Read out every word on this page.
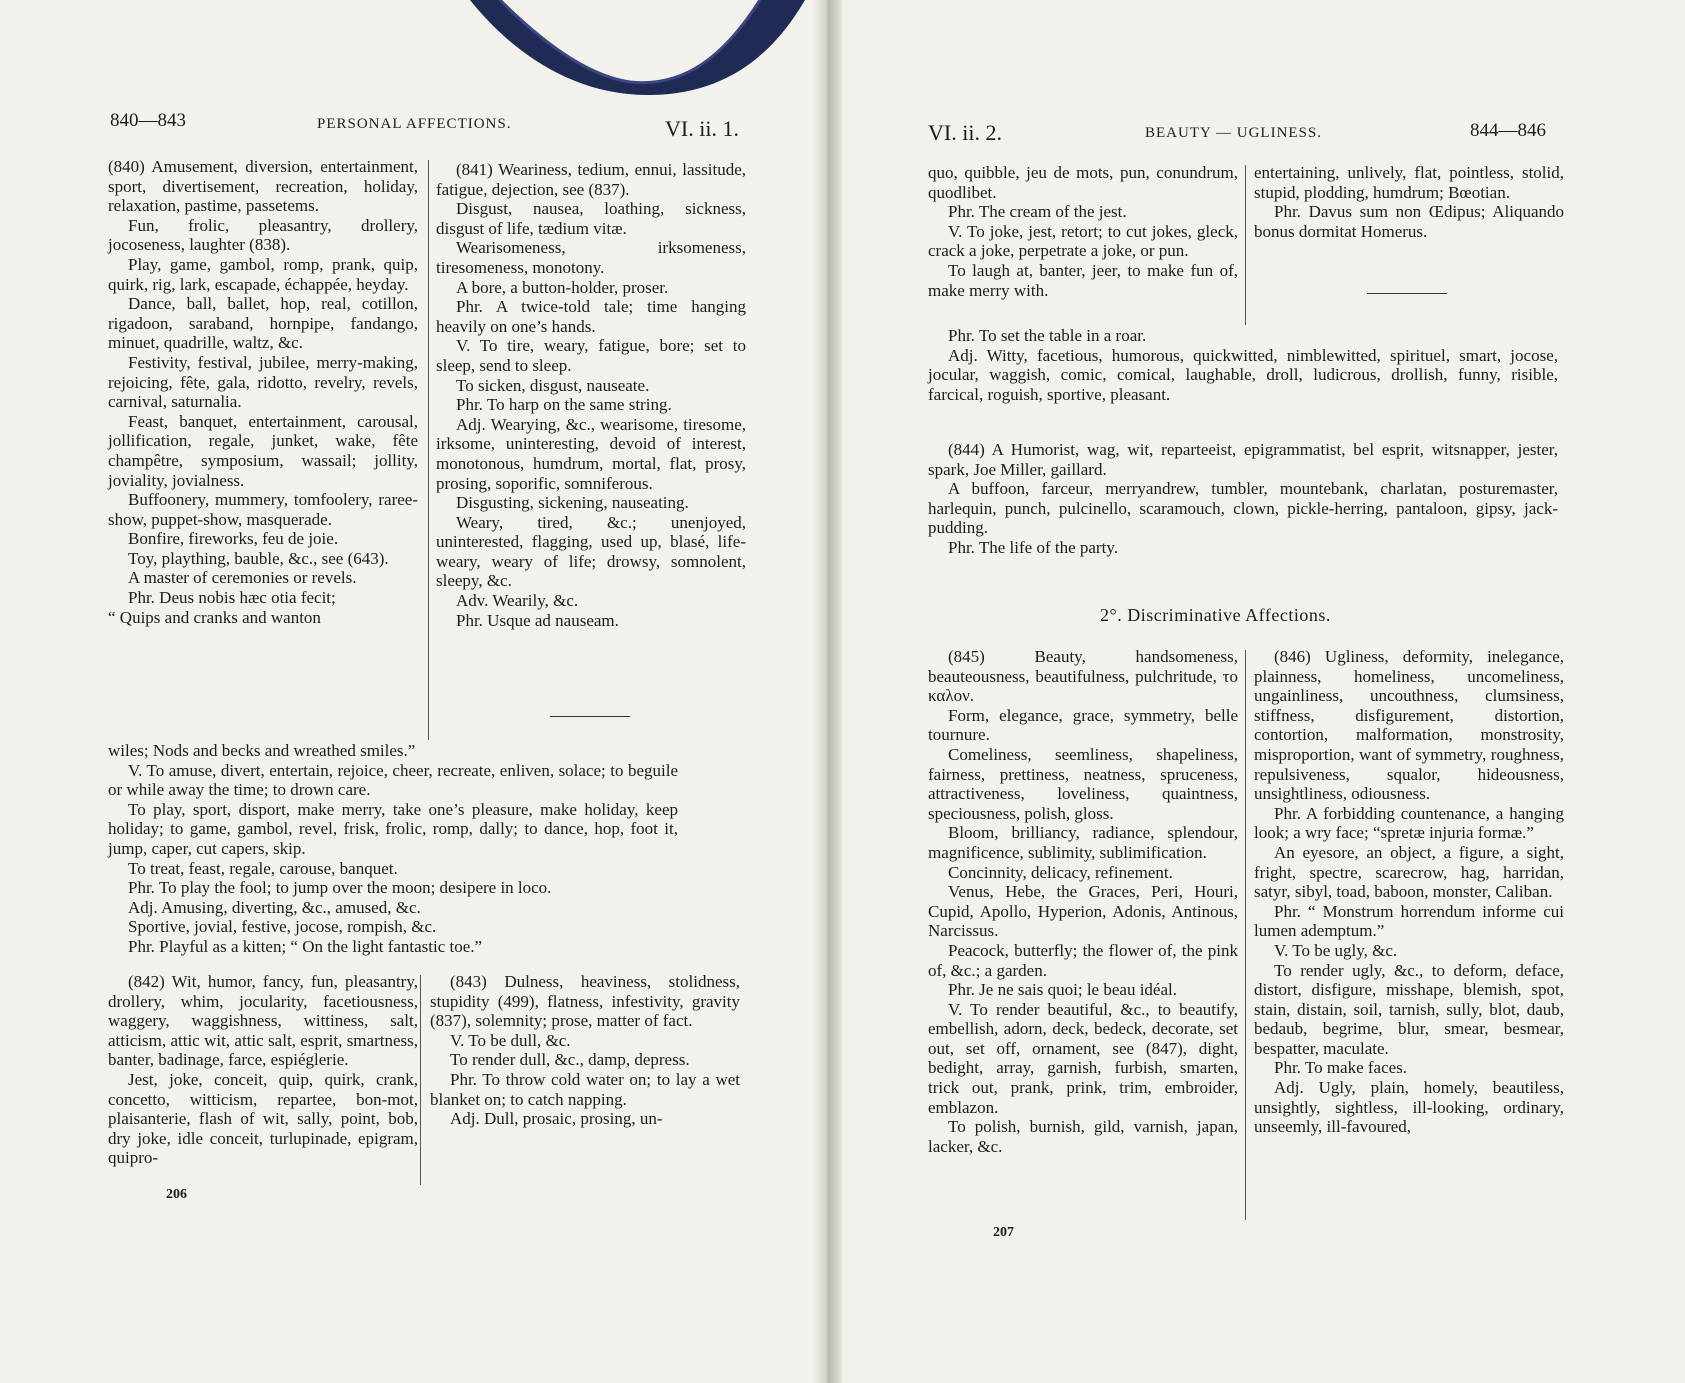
840—843	PERSONAL AFFECTIONS.	VI. ii. 1.

(840) Amusement, diversion, entertainment, sport, divertisement, recreation, holiday, relaxation, pastime, passetems.

Fun, frolic, pleasantry, drollery, jocoseness, laughter (838).

Play, game, gambol, romp, prank, quip, quirk, rig, lark, escapade, échappée, heyday.

Dance, ball, ballet, hop, real, cotillon, rigadoon, saraband, hornpipe, fandango, minuet, quadrille, waltz, &c.

Festivity, festival, jubilee, merry-making, rejoicing, fête, gala, ridotto, revelry, revels, carnival, saturnalia.

Feast, banquet, entertainment, carousal, jollification, regale, junket, wake, fête champêtre, symposium, wassail; jollity, joviality, jovialness.

Buffoonery, mummery, tomfoolery, raree-show, puppet-show, masquerade.

Bonfire, fireworks, feu de joie.

Toy, plaything, bauble, &c., see (643).

A master of ceremonies or revels.

Phr. Deus nobis hæc otia fecit;

“ Quips and cranks and wanton

(841) Weariness, tedium, ennui, lassitude, fatigue, dejection, see (837).

Disgust, nausea, loathing, sickness, disgust of life, tædium vitæ.

Wearisomeness, irksomeness, tiresomeness, monotony.

A bore, a button-holder, proser.

Phr. A twice-told tale; time hanging heavily on one’s hands.

V. To tire, weary, fatigue, bore; set to sleep, send to sleep.

To sicken, disgust, nauseate.

Phr. To harp on the same string.

Adj. Wearying, &c., wearisome, tiresome, irksome, uninteresting, devoid of interest, monotonous, humdrum, mortal, flat, prosy, prosing, soporific, somniferous.

Disgusting, sickening, nauseating.

Weary, tired, &c.; unenjoyed, uninterested, flagging, used up, blasé, life-weary, weary of life; drowsy, somnolent, sleepy, &c.

Adv. Wearily, &c.

Phr. Usque ad nauseam.

wiles; Nods and becks and wreathed smiles.”

V. To amuse, divert, entertain, rejoice, cheer, recreate, enliven, solace; to beguile or while away the time; to drown care.

To play, sport, disport, make merry, take one’s pleasure, make holiday, keep holiday; to game, gambol, revel, frisk, frolic, romp, dally; to dance, hop, foot it, jump, caper, cut capers, skip.

To treat, feast, regale, carouse, banquet.

Phr. To play the fool; to jump over the moon; desipere in loco.

Adj. Amusing, diverting, &c., amused, &c.

Sportive, jovial, festive, jocose, rompish, &c.

Phr. Playful as a kitten; “ On the light fantastic toe.”

(842) Wit, humor, fancy, fun, pleasantry, drollery, whim, jocularity, facetiousness, waggery, waggishness, wittiness, salt, atticism, attic wit, attic salt, esprit, smartness, banter, badinage, farce, espiéglerie.

Jest, joke, conceit, quip, quirk, crank, concetto, witticism, repartee, bon-mot, plaisanterie, flash of wit, sally, point, bob, dry joke, idle conceit, turlupinade, epigram, quipro-

(843) Dulness, heaviness, stolidness, stupidity (499), flatness, infestivity, gravity (837), solemnity; prose, matter of fact.

V. To be dull, &c.

To render dull, &c., damp, depress.

Phr. To throw cold water on; to lay a wet blanket on; to catch napping.

Adj. Dull, prosaic, prosing, un-

206
VI. ii. 2.	BEAUTY — UGLINESS.	844—846

quo, quibble, jeu de mots, pun, conundrum, quodlibet.

Phr. The cream of the jest.

V. To joke, jest, retort; to cut jokes, gleck, crack a joke, perpetrate a joke, or pun.

To laugh at, banter, jeer, to make fun of, make merry with.

entertaining, unlively, flat, pointless, stolid, stupid, plodding, humdrum; Bœotian.

Phr. Davus sum non Œdipus; Aliquando bonus dormitat Homerus.

Phr. To set the table in a roar.

Adj. Witty, facetious, humorous, quickwitted, nimblewitted, spirituel, smart, jocose, jocular, waggish, comic, comical, laughable, droll, ludicrous, drollish, funny, risible, farcical, roguish, sportive, pleasant.

(844) A Humorist, wag, wit, reparteeist, epigrammatist, bel esprit, witsnapper, jester, spark, Joe Miller, gaillard.

A buffoon, farceur, merryandrew, tumbler, mountebank, charlatan, posturemaster, harlequin, punch, pulcinello, scaramouch, clown, pickle-herring, pantaloon, gipsy, jack-pudding.

Phr. The life of the party.

2°. Discriminative Affections.

(845) Beauty, handsomeness, beauteousness, beautifulness, pulchritude, το καλον.

Form, elegance, grace, symmetry, belle tournure.

Comeliness, seemliness, shapeliness, fairness, prettiness, neatness, spruceness, attractiveness, loveliness, quaintness, speciousness, polish, gloss.

Bloom, brilliancy, radiance, splendour, magnificence, sublimity, sublimification.

Concinnity, delicacy, refinement.

Venus, Hebe, the Graces, Peri, Houri, Cupid, Apollo, Hyperion, Adonis, Antinous, Narcissus.

Peacock, butterfly; the flower of, the pink of, &c.; a garden.

Phr. Je ne sais quoi; le beau idéal.

V. To render beautiful, &c., to beautify, embellish, adorn, deck, bedeck, decorate, set out, set off, ornament, see (847), dight, bedight, array, garnish, furbish, smarten, trick out, prank, prink, trim, embroider, emblazon.

To polish, burnish, gild, varnish, japan, lacker, &c.

(846) Ugliness, deformity, inelegance, plainness, homeliness, uncomeliness, ungainliness, uncouthness, clumsiness, stiffness, disfigurement, distortion, contortion, malformation, monstrosity, misproportion, want of symmetry, roughness, repulsiveness, squalor, hideousness, unsightliness, odiousness.

Phr. A forbidding countenance, a hanging look; a wry face; “spretæ injuria formæ.”

An eyesore, an object, a figure, a sight, fright, spectre, scarecrow, hag, harridan, satyr, sibyl, toad, baboon, monster, Caliban.

Phr. “ Monstrum horrendum informe cui lumen ademptum.”

V. To be ugly, &c.

To render ugly, &c., to deform, deface, distort, disfigure, misshape, blemish, spot, stain, distain, soil, tarnish, sully, blot, daub, bedaub, begrime, blur, smear, besmear, bespatter, maculate.

Phr. To make faces.

Adj. Ugly, plain, homely, beautiless, unsightly, sightless, ill-looking, ordinary, unseemly, ill-favoured,

207
